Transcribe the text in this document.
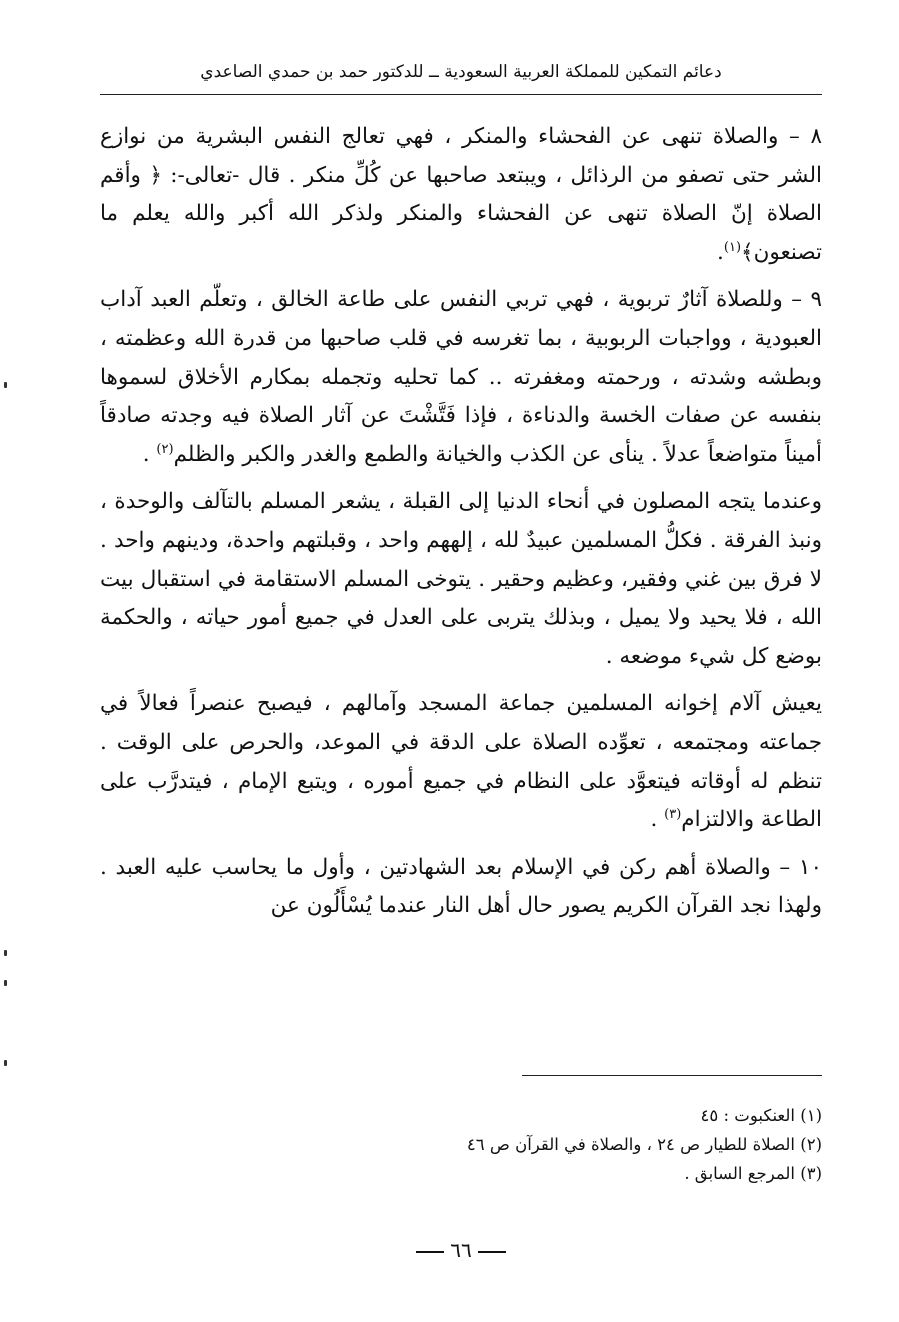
دعائم التمكين للمملكة العربية السعودية ــ للدكتور حمد بن حمدي الصاعدي

٨ – والصلاة تنهى عن الفحشاء والمنكر ، فهي تعالج النفس البشرية من نوازع الشر حتى تصفو من الرذائل ، ويبتعد صاحبها عن كُلِّ منكر . قال -تعالى-: ﴿ وأقم الصلاة إنّ الصلاة تنهى عن الفحشاء والمنكر ولذكر الله أكبر والله يعلم ما تصنعون﴾$^{(١)}$.

٩ – وللصلاة آثارٌ تربوية ، فهي تربي النفس على طاعة الخالق ، وتعلّم العبد آداب العبودية ، وواجبات الربوبية ، بما تغرسه في قلب صاحبها من قدرة الله وعظمته ، وبطشه وشدته ، ورحمته ومغفرته .. كما تحليه وتجمله بمكارم الأخلاق لسموها بنفسه عن صفات الخسة والدناءة ، فإذا فَتَّشْتَ عن آثار الصلاة فيه وجدته صادقاً أميناً متواضعاً عدلاً . ينأى عن الكذب والخيانة والطمع والغدر والكبر والظلم$^{(٢)}$ .

وعندما يتجه المصلون في أنحاء الدنيا إلى القبلة ، يشعر المسلم بالتآلف والوحدة ، ونبذ الفرقة . فكلُّ المسلمين عبيدٌ لله ، إلههم واحد ، وقبلتهم واحدة، ودينهم واحد . لا فرق بين غني وفقير، وعظيم وحقير . يتوخى المسلم الاستقامة في استقبال بيت الله ، فلا يحيد ولا يميل ، وبذلك يتربى على العدل في جميع أمور حياته ، والحكمة بوضع كل شيء موضعه .

يعيش آلام إخوانه المسلمين جماعة المسجد وآمالهم ، فيصبح عنصراً فعالاً في جماعته ومجتمعه ، تعوِّده الصلاة على الدقة في الموعد، والحرص على الوقت . تنظم له أوقاته فيتعوَّد على النظام في جميع أموره ، ويتبع الإمام ، فيتدرَّب على الطاعة والالتزام$^{(٣)}$ .

١٠ – والصلاة أهم ركن في الإسلام بعد الشهادتين ، وأول ما يحاسب عليه العبد . ولهذا نجد القرآن الكريم يصور حال أهل النار عندما يُسْأَلُون عن

(١) العنكبوت : ٤٥
(٢) الصلاة للطيار ص ٢٤ ، والصلاة في القرآن ص ٤٦
(٣) المرجع السابق .
٦٦
